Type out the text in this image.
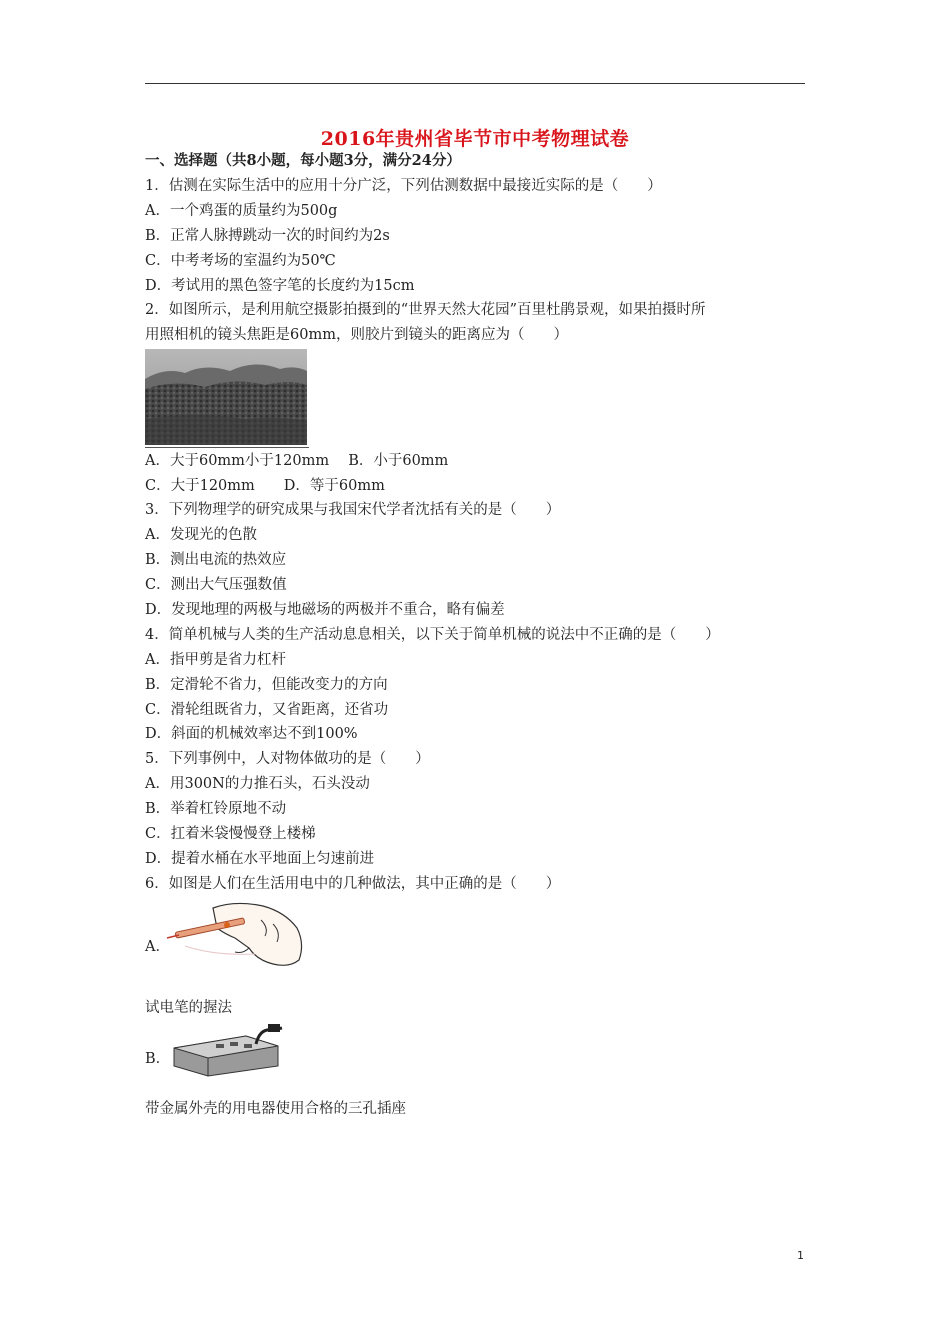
2016年贵州省毕节市中考物理试卷
一、选择题（共8小题，每小题3分，满分24分）
1．估测在实际生活中的应用十分广泛，下列估测数据中最接近实际的是（　　）
A．一个鸡蛋的质量约为500g
B．正常人脉搏跳动一次的时间约为2s
C．中考考场的室温约为50℃
D．考试用的黑色签字笔的长度约为15cm
2．如图所示，是利用航空摄影拍摄到的“世界天然大花园”百里杜鹃景观，如果拍摄时所
用照相机的镜头焦距是60mm，则胶片到镜头的距离应为（　　）
A．大于60mm小于120mm　 B．小于60mm
C．大于120mm　　D．等于60mm
3．下列物理学的研究成果与我国宋代学者沈括有关的是（　　）
A．发现光的色散
B．测出电流的热效应
C．测出大气压强数值
D．发现地理的两极与地磁场的两极并不重合，略有偏差
4．简单机械与人类的生产活动息息相关，以下关于简单机械的说法中不正确的是（　　）
A．指甲剪是省力杠杆
B．定滑轮不省力，但能改变力的方向
C．滑轮组既省力，又省距离，还省功
D．斜面的机械效率达不到100%
5．下列事例中，人对物体做功的是（　　）
A．用300N的力推石头，石头没动
B．举着杠铃原地不动
C．扛着米袋慢慢登上楼梯
D．提着水桶在水平地面上匀速前进
6．如图是人们在生活用电中的几种做法，其中正确的是（　　）
A．
试电笔的握法
B．
带金属外壳的用电器使用合格的三孔插座
1
